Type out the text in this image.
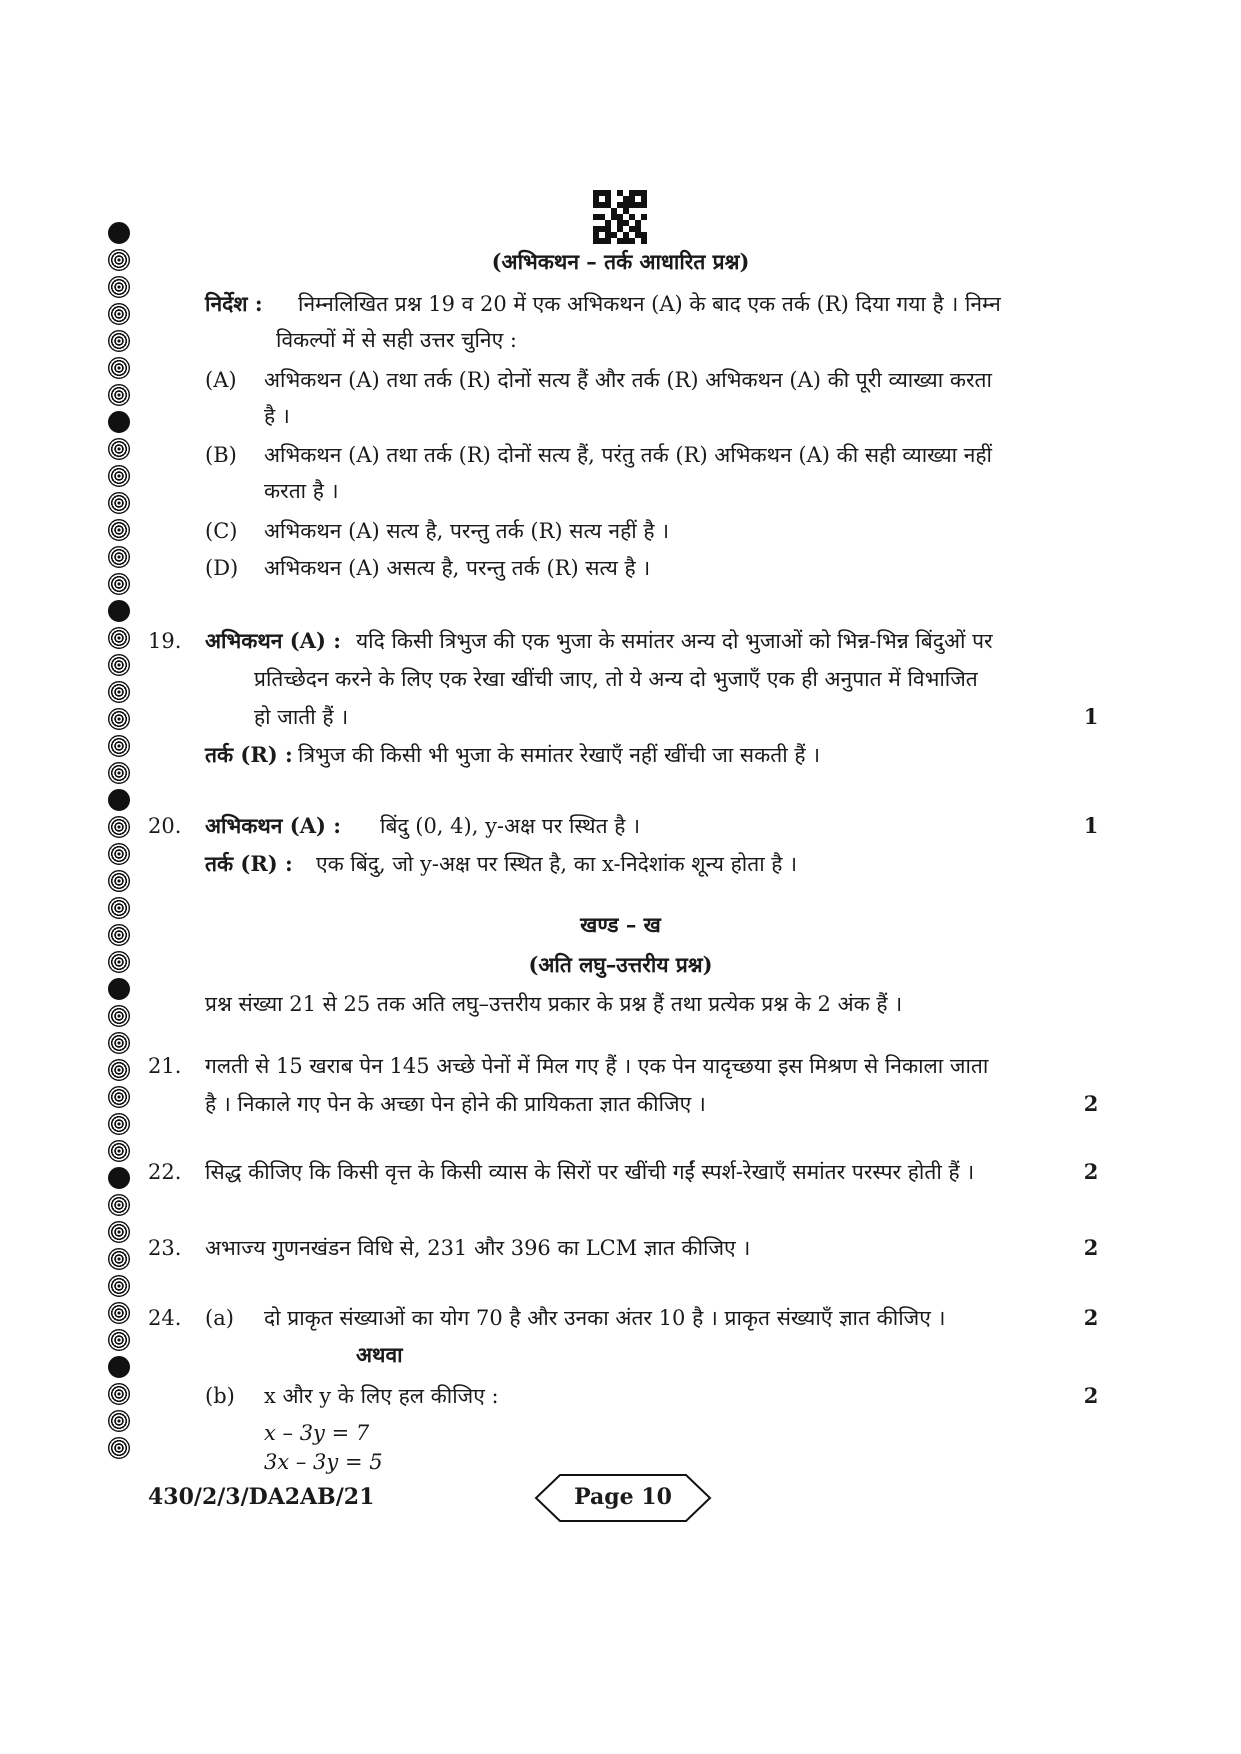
(अभिकथन – तर्क आधारित प्रश्न)
निर्देश : निम्नलिखित प्रश्न 19 व 20 में एक अभिकथन (A) के बाद एक तर्क (R) दिया गया है । निम्न
विकल्पों में से सही उत्तर चुनिए :
(A) अभिकथन (A) तथा तर्क (R) दोनों सत्य हैं और तर्क (R) अभिकथन (A) की पूरी व्याख्या करता
है ।
(B) अभिकथन (A) तथा तर्क (R) दोनों सत्य हैं, परंतु तर्क (R) अभिकथन (A) की सही व्याख्या नहीं
करता है ।
(C) अभिकथन (A) सत्य है, परन्तु तर्क (R) सत्य नहीं है ।
(D) अभिकथन (A) असत्य है, परन्तु तर्क (R) सत्य है ।
19. अभिकथन (A) : यदि किसी त्रिभुज की एक भुजा के समांतर अन्य दो भुजाओं को भिन्न-भिन्न बिंदुओं पर
प्रतिच्छेदन करने के लिए एक रेखा खींची जाए, तो ये अन्य दो भुजाएँ एक ही अनुपात में विभाजित
हो जाती हैं ।	1
तर्क (R) : त्रिभुज की किसी भी भुजा के समांतर रेखाएँ नहीं खींची जा सकती हैं ।
20. अभिकथन (A) : बिंदु (0, 4), y-अक्ष पर स्थित है ।	1
तर्क (R) : एक बिंदु, जो y-अक्ष पर स्थित है, का x-निदेशांक शून्य होता है ।
खण्ड – ख
(अति लघु–उत्तरीय प्रश्न)
प्रश्न संख्या 21 से 25 तक अति लघु–उत्तरीय प्रकार के प्रश्न हैं तथा प्रत्येक प्रश्न के 2 अंक हैं ।
21. गलती से 15 खराब पेन 145 अच्छे पेनों में मिल गए हैं । एक पेन यादृच्छया इस मिश्रण से निकाला जाता
है । निकाले गए पेन के अच्छा पेन होने की प्रायिकता ज्ञात कीजिए ।	2
22. सिद्ध कीजिए कि किसी वृत्त के किसी व्यास के सिरों पर खींची गईं स्पर्श-रेखाएँ समांतर परस्पर होती हैं ।	2
23. अभाज्य गुणनखंडन विधि से, 231 और 396 का LCM ज्ञात कीजिए ।	2
24. (a) दो प्राकृत संख्याओं का योग 70 है और उनका अंतर 10 है । प्राकृत संख्याएँ ज्ञात कीजिए ।	2
अथवा
(b) x और y के लिए हल कीजिए :	2
x – 3y = 7
3x – 3y = 5
430/2/3/DA2AB/21	Page 10
